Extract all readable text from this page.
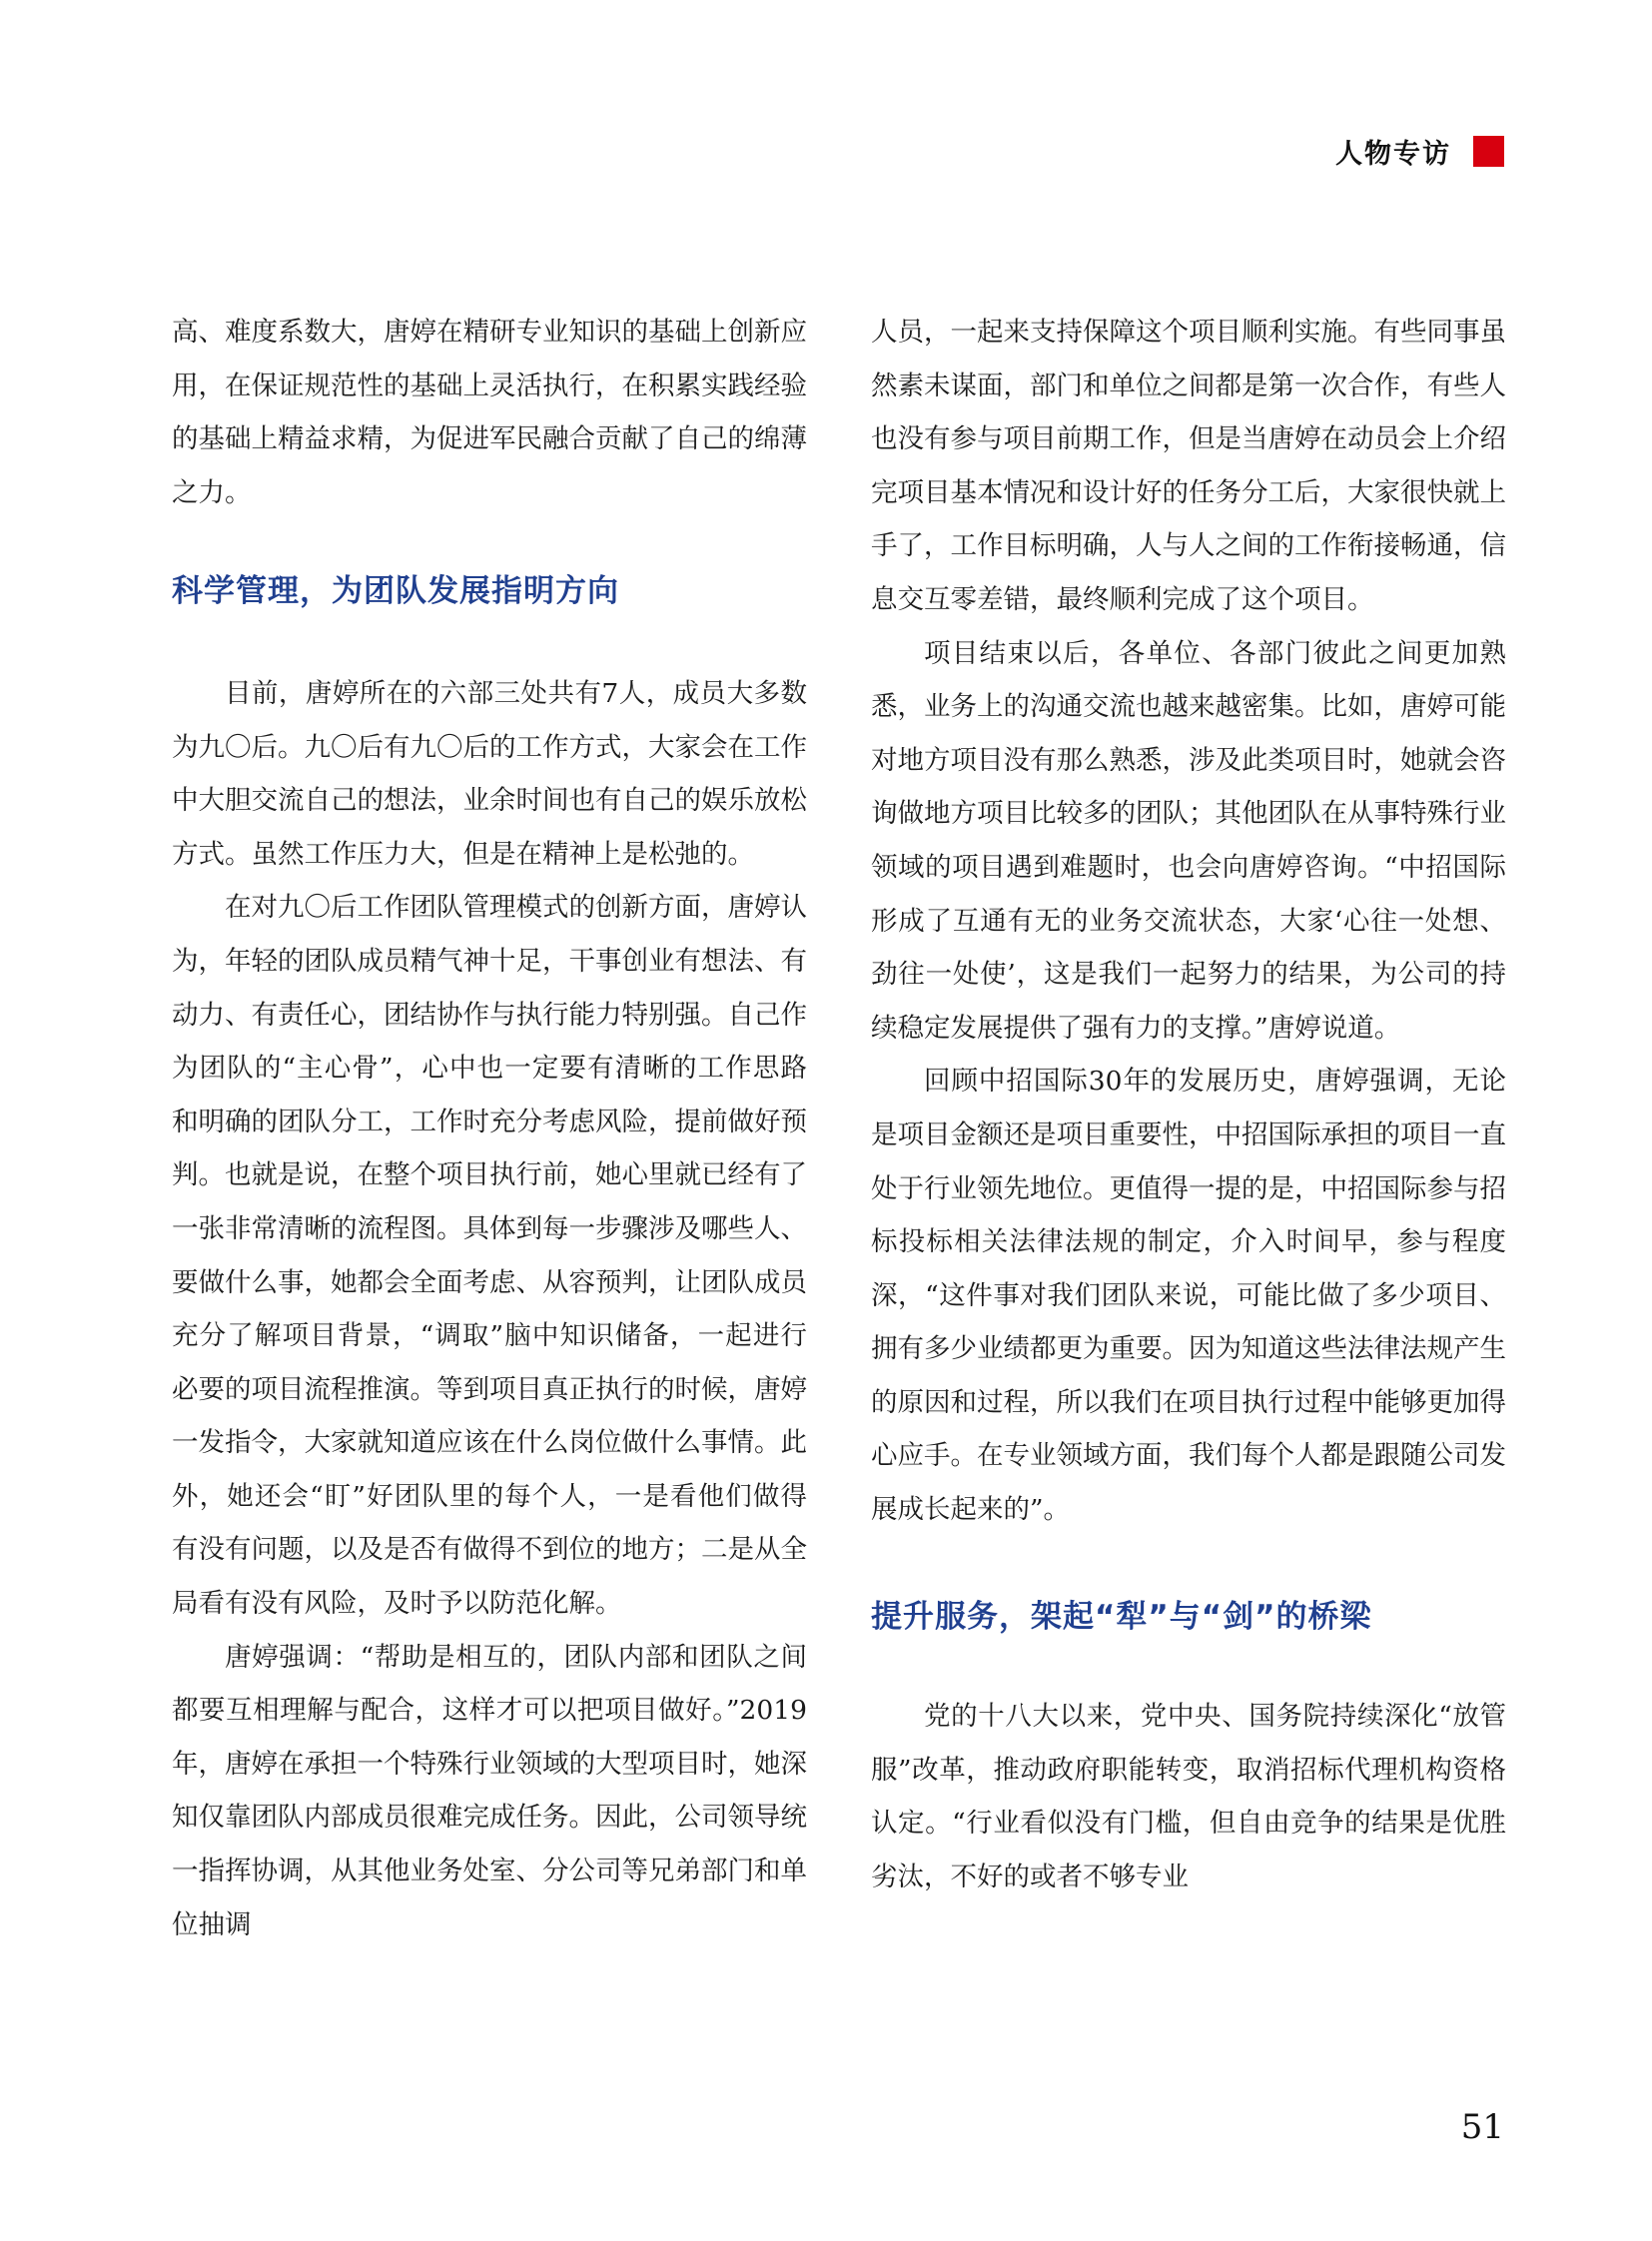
人物专访

高、难度系数大，唐婷在精研专业知识的基础上创新应用，在保证规范性的基础上灵活执行，在积累实践经验的基础上精益求精，为促进军民融合贡献了自己的绵薄之力。

科学管理，为团队发展指明方向

目前，唐婷所在的六部三处共有7人，成员大多数为九〇后。九〇后有九〇后的工作方式，大家会在工作中大胆交流自己的想法，业余时间也有自己的娱乐放松方式。虽然工作压力大，但是在精神上是松弛的。

在对九〇后工作团队管理模式的创新方面，唐婷认为，年轻的团队成员精气神十足，干事创业有想法、有动力、有责任心，团结协作与执行能力特别强。自己作为团队的“主心骨”，心中也一定要有清晰的工作思路和明确的团队分工，工作时充分考虑风险，提前做好预判。也就是说，在整个项目执行前，她心里就已经有了一张非常清晰的流程图。具体到每一步骤涉及哪些人、要做什么事，她都会全面考虑、从容预判，让团队成员充分了解项目背景，“调取”脑中知识储备，一起进行必要的项目流程推演。等到项目真正执行的时候，唐婷一发指令，大家就知道应该在什么岗位做什么事情。此外，她还会“盯”好团队里的每个人，一是看他们做得有没有问题，以及是否有做得不到位的地方；二是从全局看有没有风险，及时予以防范化解。

唐婷强调：“帮助是相互的，团队内部和团队之间都要互相理解与配合，这样才可以把项目做好。”2019年，唐婷在承担一个特殊行业领域的大型项目时，她深知仅靠团队内部成员很难完成任务。因此，公司领导统一指挥协调，从其他业务处室、分公司等兄弟部门和单位抽调

人员，一起来支持保障这个项目顺利实施。有些同事虽然素未谋面，部门和单位之间都是第一次合作，有些人也没有参与项目前期工作，但是当唐婷在动员会上介绍完项目基本情况和设计好的任务分工后，大家很快就上手了，工作目标明确，人与人之间的工作衔接畅通，信息交互零差错，最终顺利完成了这个项目。

项目结束以后，各单位、各部门彼此之间更加熟悉，业务上的沟通交流也越来越密集。比如，唐婷可能对地方项目没有那么熟悉，涉及此类项目时，她就会咨询做地方项目比较多的团队；其他团队在从事特殊行业领域的项目遇到难题时，也会向唐婷咨询。“中招国际形成了互通有无的业务交流状态，大家‘心往一处想、劲往一处使’，这是我们一起努力的结果，为公司的持续稳定发展提供了强有力的支撑。”唐婷说道。

回顾中招国际30年的发展历史，唐婷强调，无论是项目金额还是项目重要性，中招国际承担的项目一直处于行业领先地位。更值得一提的是，中招国际参与招标投标相关法律法规的制定，介入时间早，参与程度深，“这件事对我们团队来说，可能比做了多少项目、拥有多少业绩都更为重要。因为知道这些法律法规产生的原因和过程，所以我们在项目执行过程中能够更加得心应手。在专业领域方面，我们每个人都是跟随公司发展成长起来的”。

提升服务，架起“犁”与“剑”的桥梁

党的十八大以来，党中央、国务院持续深化“放管服”改革，推动政府职能转变，取消招标代理机构资格认定。“行业看似没有门槛，但自由竞争的结果是优胜劣汰，不好的或者不够专业

51
